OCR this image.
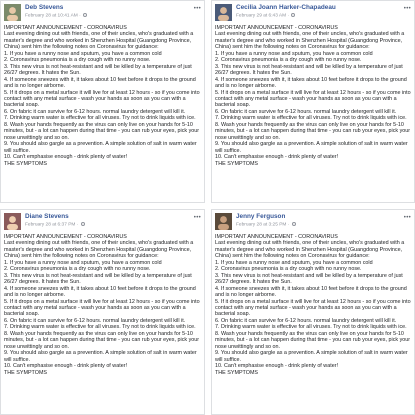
Deb Stevens
February 28 at 10:41 AM ·
•••

IMPORTANT ANNOUNCEMENT - CORONAVIRUS

Last evening dining out with friends, one of their uncles, who's graduated with a master's degree and who worked in Shenzhen Hospital (Guangdong Province, China) sent him the following notes on Coronavirus for guidance:

1. If you have a runny nose and sputum, you have a common cold

2. Coronavirus pneumonia is a dry cough with no runny nose.

3. This new virus is not heat-resistant and will be killed by a temperature of just 26/27 degrees. It hates the Sun.

4. If someone sneezes with it, it takes about 10 feet before it drops to the ground and is no longer airborne.

5. If it drops on a metal surface it will live for at least 12 hours - so if you come into contact with any metal surface - wash your hands as soon as you can with a bacterial soap.

6. On fabric it can survive for 6-12 hours. normal laundry detergent will kill it.

7. Drinking warm water is effective for all viruses. Try not to drink liquids with ice.

8. Wash your hands frequently as the virus can only live on your hands for 5-10 minutes, but - a lot can happen during that time - you can rub your eyes, pick your nose unwittingly and so on.

9. You should also gargle as a prevention. A simple solution of salt in warm water will suffice.

10. Can't emphasise enough - drink plenty of water!

THE SYMPTOMS

Cecilia Joann Harker-Chapadeau
February 29 at 6:43 AM ·
•••

IMPORTANT ANNOUNCEMENT - CORONAVIRUS

Last evening dining out with friends, one of their uncles, who's graduated with a master's degree and who worked in Shenzhen Hospital (Guangdong Province, China) sent him the following notes on Coronavirus for guidance:

1. If you have a runny nose and sputum, you have a common cold

2. Coronavirus pneumonia is a dry cough with no runny nose.

3. This new virus is not heat-resistant and will be killed by a temperature of just 26/27 degrees. It hates the Sun.

4. If someone sneezes with it, it takes about 10 feet before it drops to the ground and is no longer airborne.

5. If it drops on a metal surface it will live for at least 12 hours - so if you come into contact with any metal surface - wash your hands as soon as you can with a bacterial soap.

6. On fabric it can survive for 6-12 hours. normal laundry detergent will kill it.

7. Drinking warm water is effective for all viruses. Try not to drink liquids with ice.

8. Wash your hands frequently as the virus can only live on your hands for 5-10 minutes, but - a lot can happen during that time - you can rub your eyes, pick your nose unwittingly and so on.

9. You should also gargle as a prevention. A simple solution of salt in warm water will suffice.

10. Can't emphasise enough - drink plenty of water!

THE SYMPTOMS

Diane Stevens
February 28 at 6:37 PM ·
•••

IMPORTANT ANNOUNCEMENT - CORONAVIRUS

Last evening dining out with friends, one of their uncles, who's graduated with a master's degree and who worked in Shenzhen Hospital (Guangdong Province, China) sent him the following notes on Coronavirus for guidance:

1. If you have a runny nose and sputum, you have a common cold

2. Coronavirus pneumonia is a dry cough with no runny nose.

3. This new virus is not heat-resistant and will be killed by a temperature of just 26/27 degrees. It hates the Sun.

4. If someone sneezes with it, it takes about 10 feet before it drops to the ground and is no longer airborne.

5. If it drops on a metal surface it will live for at least 12 hours - so if you come into contact with any metal surface - wash your hands as soon as you can with a bacterial soap.

6. On fabric it can survive for 6-12 hours. normal laundry detergent will kill it.

7. Drinking warm water is effective for all viruses. Try not to drink liquids with ice.

8. Wash your hands frequently as the virus can only live on your hands for 5-10 minutes, but - a lot can happen during that time - you can rub your eyes, pick your nose unwittingly and so on.

9. You should also gargle as a prevention. A simple solution of salt in warm water will suffice.

10. Can't emphasise enough - drink plenty of water!

THE SYMPTOMS

Jenny Ferguson
February 28 at 3:25 PM ·
•••

IMPORTANT ANNOUNCEMENT - CORONAVIRUS

Last evening dining out with friends, one of their uncles, who's graduated with a master's degree and who worked in Shenzhen Hospital (Guangdong Province, China) sent him the following notes on Coronavirus for guidance:

1. If you have a runny nose and sputum, you have a common cold

2. Coronavirus pneumonia is a dry cough with no runny nose.

3. This new virus is not heat-resistant and will be killed by a temperature of just 26/27 degrees. It hates the Sun.

4. If someone sneezes with it, it takes about 10 feet before it drops to the ground and is no longer airborne.

5. If it drops on a metal surface it will live for at least 12 hours - so if you come into contact with any metal surface - wash your hands as soon as you can with a bacterial soap.

6. On fabric it can survive for 6-12 hours. normal laundry detergent will kill it.

7. Drinking warm water is effective for all viruses. Try not to drink liquids with ice.

8. Wash your hands frequently as the virus can only live on your hands for 5-10 minutes, but - a lot can happen during that time - you can rub your eyes, pick your nose unwittingly and so on.

9. You should also gargle as a prevention. A simple solution of salt in warm water will suffice.

10. Can't emphasise enough - drink plenty of water!

THE SYMPTOMS
